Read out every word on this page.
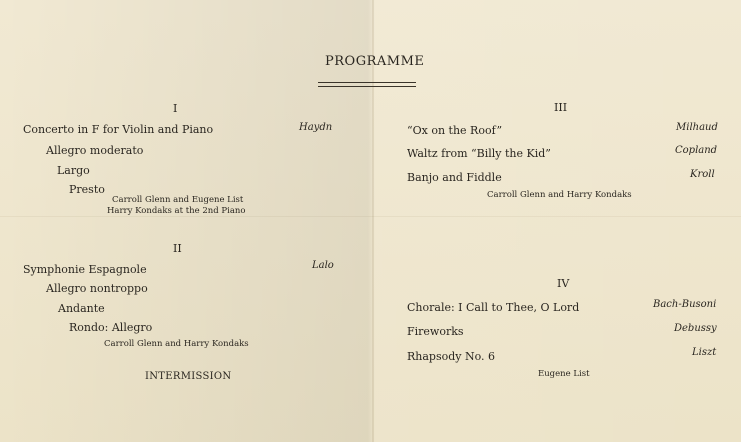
PROGRAMME
I
Concerto in F for Violin and Piano	Haydn
Allegro moderato
Largo
Presto
Carroll Glenn and Eugene List
Harry Kondaks at the 2nd Piano
II
Symphonie Espagnole	Lalo
Allegro nontroppo
Andante
Rondo: Allegro
Carroll Glenn and Harry Kondaks
INTERMISSION
III
“Ox on the Roof”	Milhaud
Waltz from “Billy the Kid”	Copland
Banjo and Fiddle	Kroll
Carroll Glenn and Harry Kondaks
IV
Chorale: I Call to Thee, O Lord	Bach-Busoni
Fireworks	Debussy
Rhapsody No. 6	Liszt
Eugene List
